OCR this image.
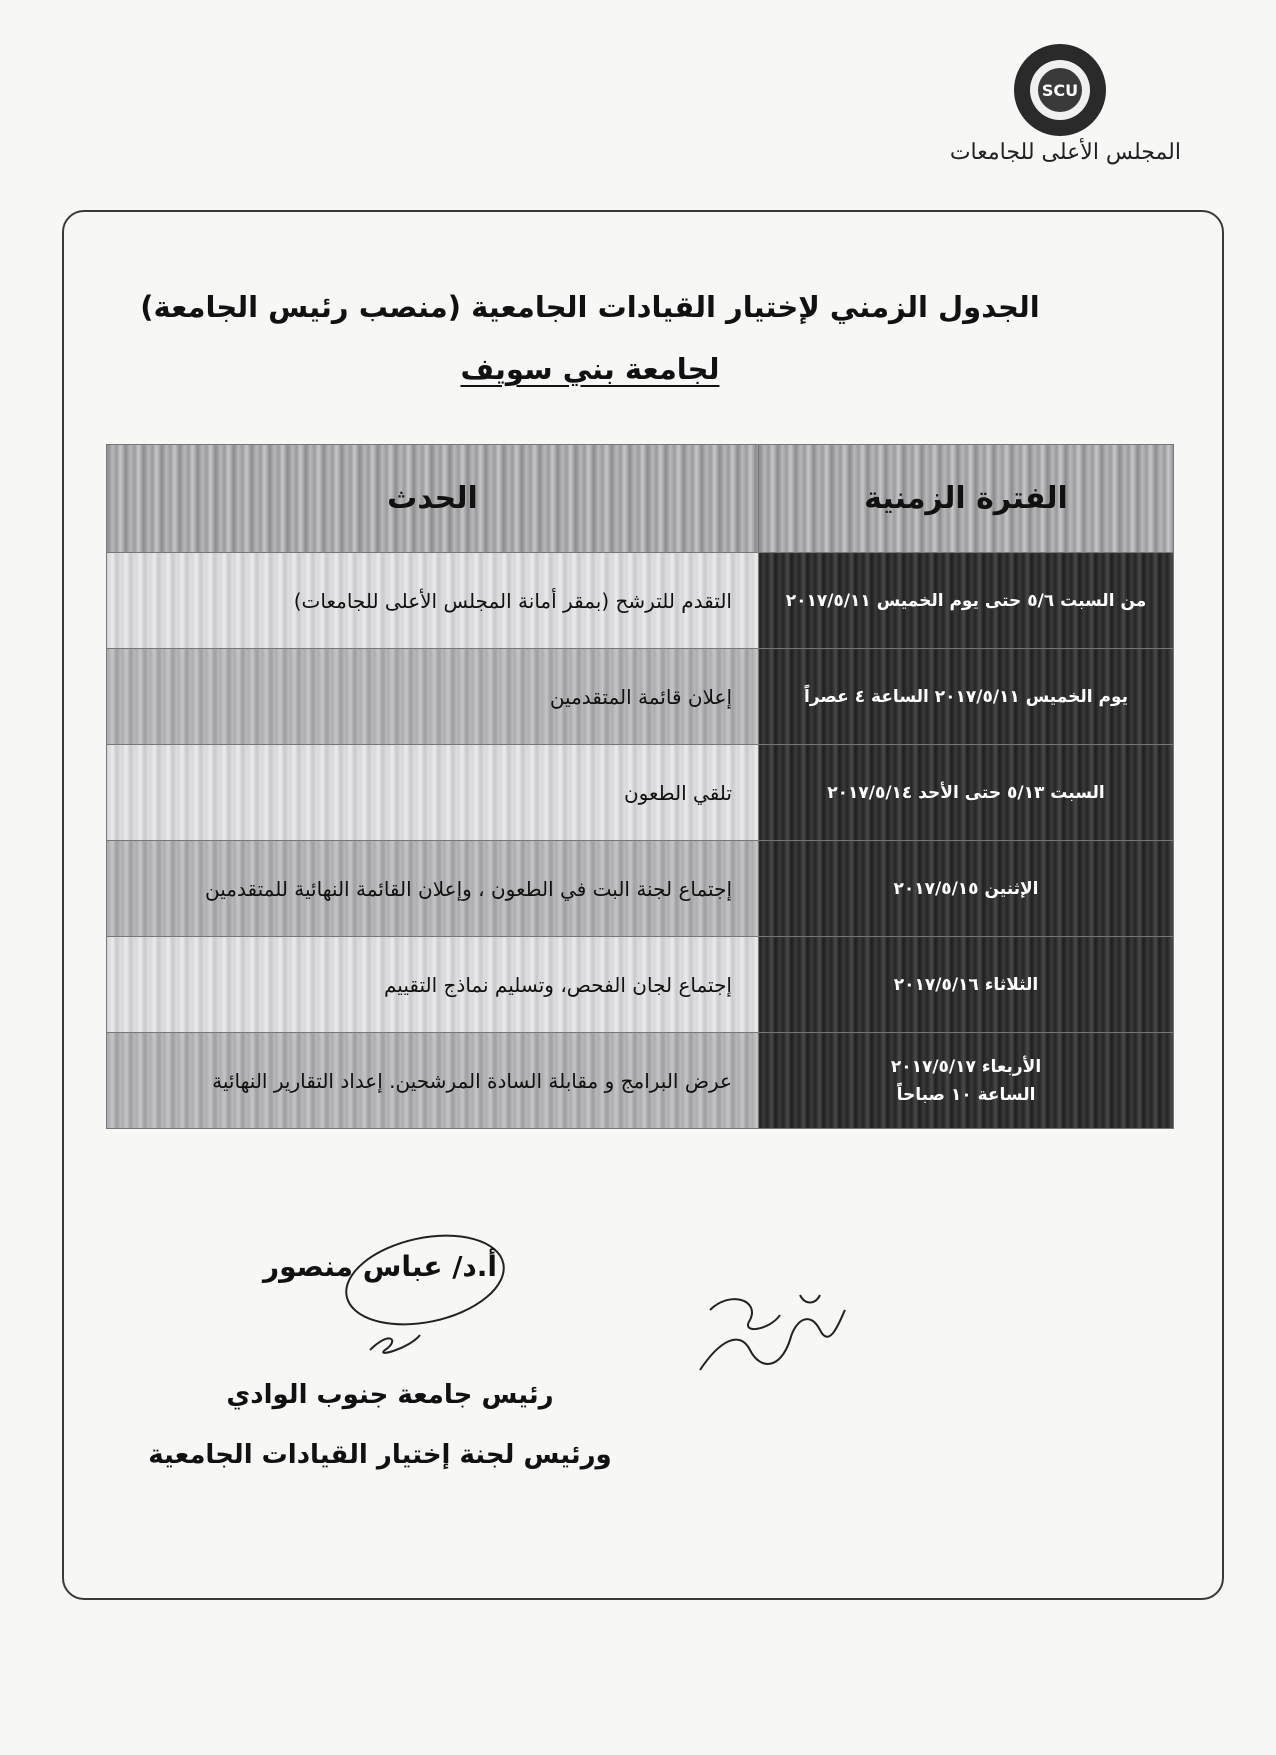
SCU
المجلس الأعلى للجامعات
الجدول الزمني لإختيار القيادات الجامعية (منصب رئيس الجامعة)
لجامعة بني سويف
الفترة الزمنية	الحدث
من السبت ٥/٦ حتى يوم الخميس ٢٠١٧/٥/١١	التقدم للترشح (بمقر أمانة المجلس الأعلى للجامعات)
يوم الخميس ٢٠١٧/٥/١١ الساعة ٤ عصراً	إعلان قائمة المتقدمين
السبت ٥/١٣ حتى الأحد ٢٠١٧/٥/١٤	تلقي الطعون
الإثنين ٢٠١٧/٥/١٥	إجتماع لجنة البت في الطعون ، وإعلان القائمة النهائية للمتقدمين
الثلاثاء ٢٠١٧/٥/١٦	إجتماع لجان الفحص، وتسليم نماذج التقييم
الأربعاء ٢٠١٧/٥/١٧
الساعة ١٠ صباحاً	عرض البرامج و مقابلة السادة المرشحين. إعداد التقارير النهائية
أ.د/ عباس منصور
رئيس جامعة جنوب الوادي
ورئيس لجنة إختيار القيادات الجامعية
